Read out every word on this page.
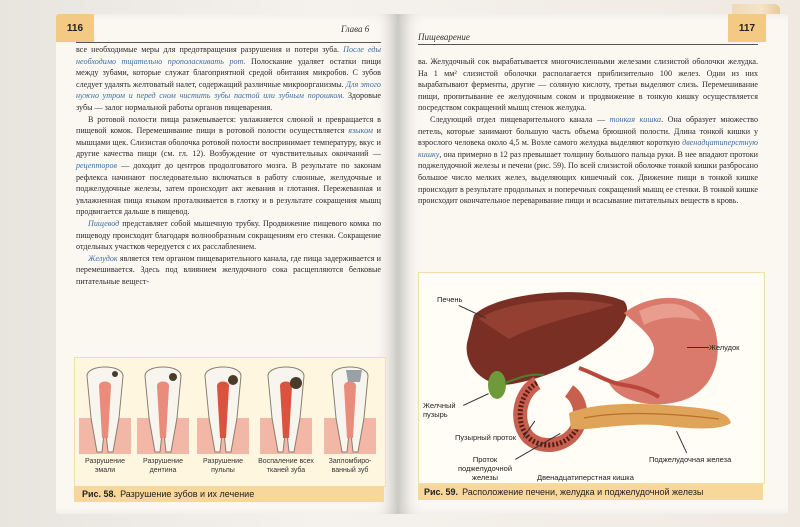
116	Глава 6

все необходимые меры для предотвращения разрушения и потери зуба. После еды необходимо тщательно прополаскивать рот. Полоскание удаляет остатки пищи между зубами, которые служат благоприятной средой обитания микробов. С зубов следует удалять желтоватый налет, содержащий различные микроорганизмы. Для этого нужно утром и перед сном чистить зубы пастой или зубным порошком. Здоровые зубы — залог нормальной работы органов пищеварения.

В ротовой полости пища разжевывается: увлажняется слюной и превращается в пищевой комок. Перемешивание пищи в ротовой полости осуществляется языком и мышцами щек. Слизистая оболочка ротовой полости воспринимает температуру, вкус и другие качества пищи (см. гл. 12). Возбуждение от чувствительных окончаний — рецепторов — доходит до центров продолговатого мозга. В результате по законам рефлекса начинают последовательно включаться в работу слюнные, желудочные и поджелудочные железы, затем происходит акт жевания и глотания. Пережеванная и увлажненная пища языком проталкивается в глотку и в результате сокращения мышц продвигается дальше в пищевод.

Пищевод представляет собой мышечную трубку. Продвижение пищевого комка по пищеводу происходит благодаря волнообразным сокращениям его стенки. Сокращение отдельных участков чередуется с их расслаблением.

Желудок является тем органом пищеварительного канала, где пища задерживается и перемешивается. Здесь под влиянием желудочного сока расщепляются белковые питательные вещест-

Разрушение эмали
Разрушение дентина
Разрушение пульпы
Воспаление всех тканей зуба
Запломбиро-ванный зуб
Рис. 58. Разрушение зубов и их лечение
Пищеварение
117

ва. Желудочный сок вырабатывается многочисленными железами слизистой оболочки желудка. На 1 мм² слизистой оболочки располагается приблизительно 100 желез. Одни из них вырабатывают ферменты, другие — соляную кислоту, третьи выделяют слизь. Перемешивание пищи, пропитывание ее желудочным соком и продвижение в тонкую кишку осуществляется посредством сокращений мышц стенок желудка.

Следующий отдел пищеварительного канала — тонкая кишка. Она образует множество петель, которые занимают большую часть объема брюшной полости. Длина тонкой кишки у взрослого человека около 4,5 м. Возле самого желудка выделяют короткую двенадцатиперстную кишку, она примерно в 12 раз превышает толщину большого пальца руки. В нее впадают протоки поджелудочной железы и печени (рис. 59). По всей слизистой оболочке тонкой кишки разбросано большое число мелких желез, выделяющих кишечный сок. Движение пищи в тонкой кишке происходит в результате продольных и поперечных сокращений мышц ее стенки. В тонкой кишке происходит окончательное переваривание пищи и всасывание питательных веществ в кровь.

Печень
Желудок
Желчный пузырь
Пузырный проток
Проток поджелудочной железы
Поджелудочная железа
Двенадцатиперстная кишка
Рис. 59. Расположение печени, желудка и поджелудочной железы
